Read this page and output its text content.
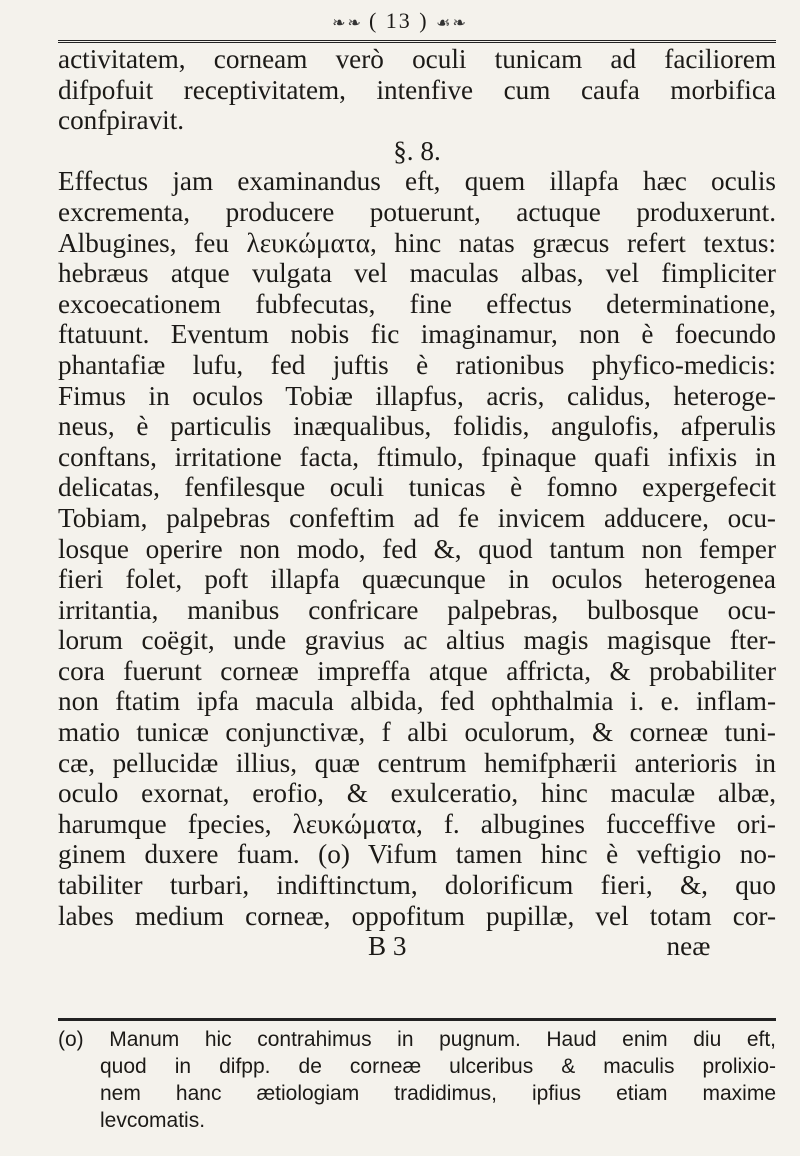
❧❧ ( 13 ) ☙❧
activitatem, corneam verò oculi tunicam ad faciliorem
difpofuit receptivitatem, intenfive cum caufa morbifica
confpiravit.
§. 8.
Effectus jam examinandus eft, quem illapfa hæc oculis
excrementa, producere potuerunt, actuque produxerunt.
Albugines, feu λευκώματα, hinc natas græcus refert textus:
hebræus atque vulgata vel maculas albas, vel fimpliciter
excoecationem fubfecutas, fine effectus determinatione,
ftatuunt. Eventum nobis fic imaginamur, non è foecundo
phantafiæ lufu, fed juftis è rationibus phyfico-medicis:
Fimus in oculos Tobiæ illapfus, acris, calidus, heteroge-
neus, è particulis inæqualibus, folidis, angulofis, afperulis
conftans, irritatione facta, ftimulo, fpinaque quafi infixis in
delicatas, fenfilesque oculi tunicas è fomno expergefecit
Tobiam, palpebras confeftim ad fe invicem adducere, ocu-
losque operire non modo, fed &, quod tantum non femper
fieri folet, poft illapfa quæcunque in oculos heterogenea
irritantia, manibus confricare palpebras, bulbosque ocu-
lorum coëgit, unde gravius ac altius magis magisque fter-
cora fuerunt corneæ impreffa atque affricta, & probabiliter
non ftatim ipfa macula albida, fed ophthalmia i. e. inflam-
matio tunicæ conjunctivæ, f albi oculorum, & corneæ tuni-
cæ, pellucidæ illius, quæ centrum hemifphærii anterioris in
oculo exornat, erofio, & exulceratio, hinc maculæ albæ,
harumque fpecies, λευκώματα, f. albugines fucceffive ori-
ginem duxere fuam. (o) Vifum tamen hinc è veftigio no-
tabiliter turbari, indiftinctum, dolorificum fieri, &, quo
labes medium corneæ, oppofitum pupillæ, vel totam cor-
B 3	neæ
(o) Manum hic contrahimus in pugnum. Haud enim diu eft,
quod in difpp. de corneæ ulceribus & maculis prolixio-
nem hanc ætiologiam tradidimus, ipfius etiam maxime
levcomatis.
